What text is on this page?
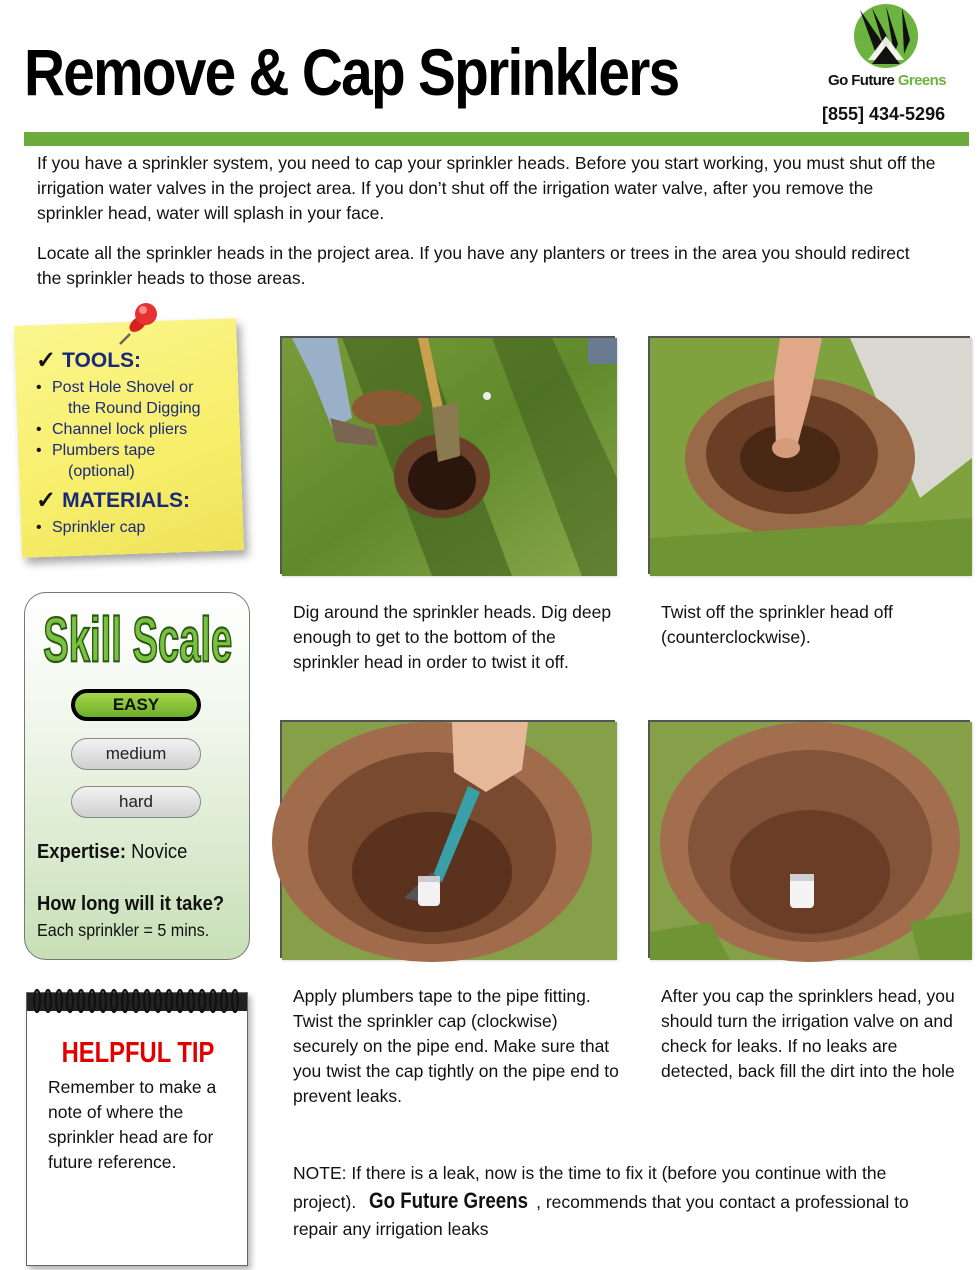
Remove & Cap Sprinklers	Go Future Greens
[855] 434-5296

If you have a sprinkler system, you need to cap your sprinkler heads. Before you start working, you must shut off the irrigation water valves in the project area. If you don’t shut off the irrigation water valve, after you remove the sprinkler head, water will splash in your face.

Locate all the sprinkler heads in the project area. If you have any planters or trees in the area you should redirect the sprinkler heads to those areas.

✓ TOOLS:
• Post Hole Shovel or
the Round Digging
• Channel lock pliers
• Plumbers tape
(optional)
✓ MATERIALS:
• Sprinkler cap
Skill Scale
EASY
medium
hard
Expertise: Novice
How long will it take?
Each sprinkler = 5 mins.
HELPFUL TIP
Remember to make a note of where the sprinkler head are for future reference.

Dig around the sprinkler heads. Dig deep enough to get to the bottom of the sprinkler head in order to twist it off.

Twist off the sprinkler head off (counterclockwise).

Apply plumbers tape to the pipe fitting. Twist the sprinkler cap (clockwise) securely on the pipe end. Make sure that you twist the cap tightly on the pipe end to prevent leaks.

After you cap the sprinklers head, you should turn the irrigation valve on and check for leaks. If no leaks are detected, back fill the dirt into the hole

NOTE: If there is a leak, now is the time to fix it (before you continue with the project). Go Future Greens , recommends that you contact a professional to repair any irrigation leaks
